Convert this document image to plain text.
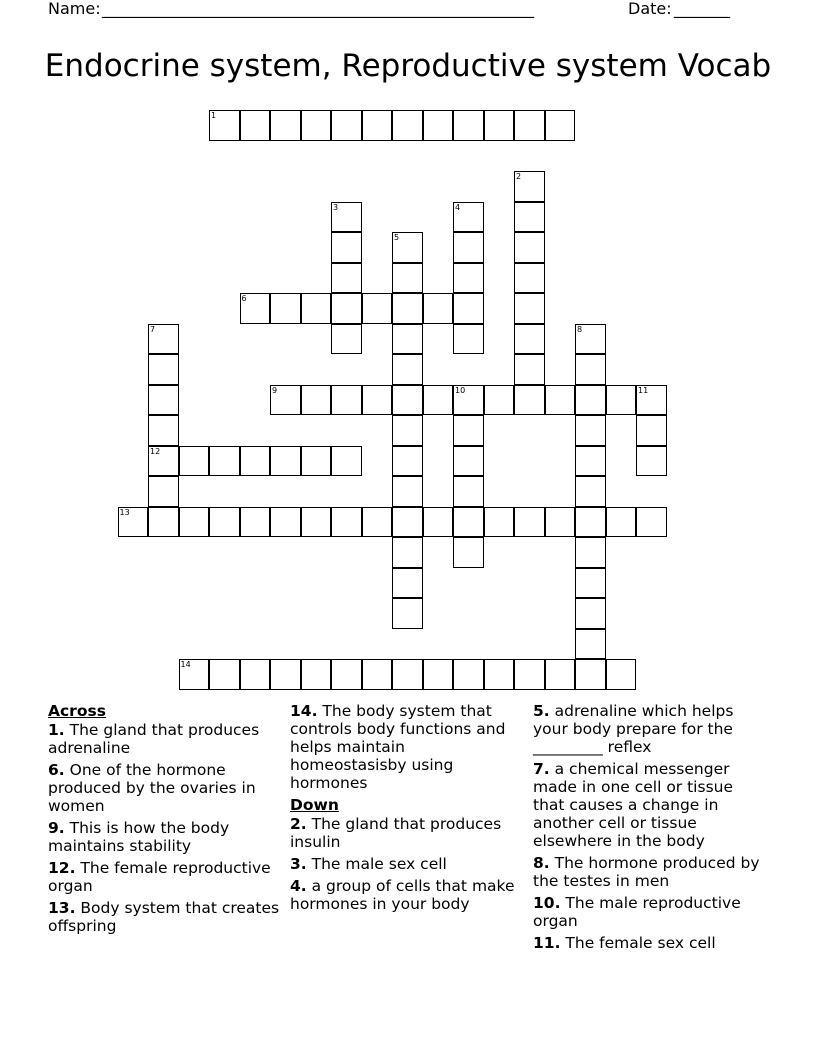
Name: ______________________________________________________	Date: _______
Endocrine system, Reproductive system Vocab
1
6
9	10
12
13
14
2
3	4
5
7	8
11
Across
1. The gland that produces adrenaline
6. One of the hormone produced by the ovaries in women
9. This is how the body maintains stability
12. The female reproductive organ
13. Body system that creates offspring
14. The body system that controls body functions and helps maintain homeostasisby using hormones
Down
2. The gland that produces insulin
3. The male sex cell
4. a group of cells that make hormones in your body
5. adrenaline which helps your body prepare for the _________ reflex
7. a chemical messenger made in one cell or tissue that causes a change in another cell or tissue elsewhere in the body
8. The hormone produced by the testes in men
10. The male reproductive organ
11. The female sex cell
